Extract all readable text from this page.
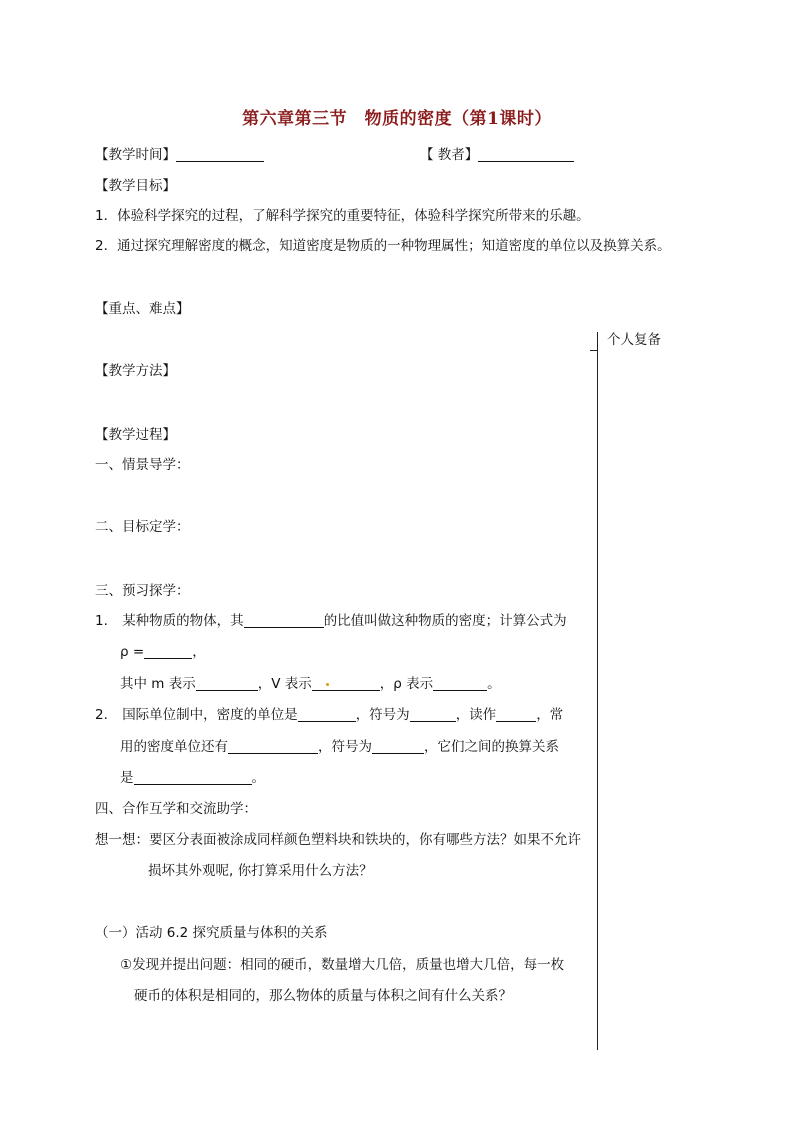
第六章第三节　物质的密度（第1课时）
【教学时间】	【 教者】
【教学目标】
1．体验科学探究的过程，了解科学探究的重要特征，体验科学探究所带来的乐趣。
2．通过探究理解密度的概念，知道密度是物质的一种物理属性；知道密度的单位以及换算关系。
【重点、难点】
个人复备
【教学方法】
【教学过程】
一、情景导学：
二、目标定学：
三、预习探学：
1. 某种物质的物体，其	的比值叫做这种物质的密度；计算公式为
ρ =	，
其中 m 表示	，V 表示	，ρ 表示	。
2. 国际单位制中，密度的单位是	，符号为	，读作	，常
用的密度单位还有	，符号为	，它们之间的换算关系
是	。
四、合作互学和交流助学：
想一想：要区分表面被涂成同样颜色塑料块和铁块的，你有哪些方法？如果不允许
损坏其外观呢, 你打算采用什么方法？
（一）活动 6.2 探究质量与体积的关系
①发现并提出问题：相同的硬币，数量增大几倍，质量也增大几倍，每一枚
硬币的体积是相同的，那么物体的质量与体积之间有什么关系？
